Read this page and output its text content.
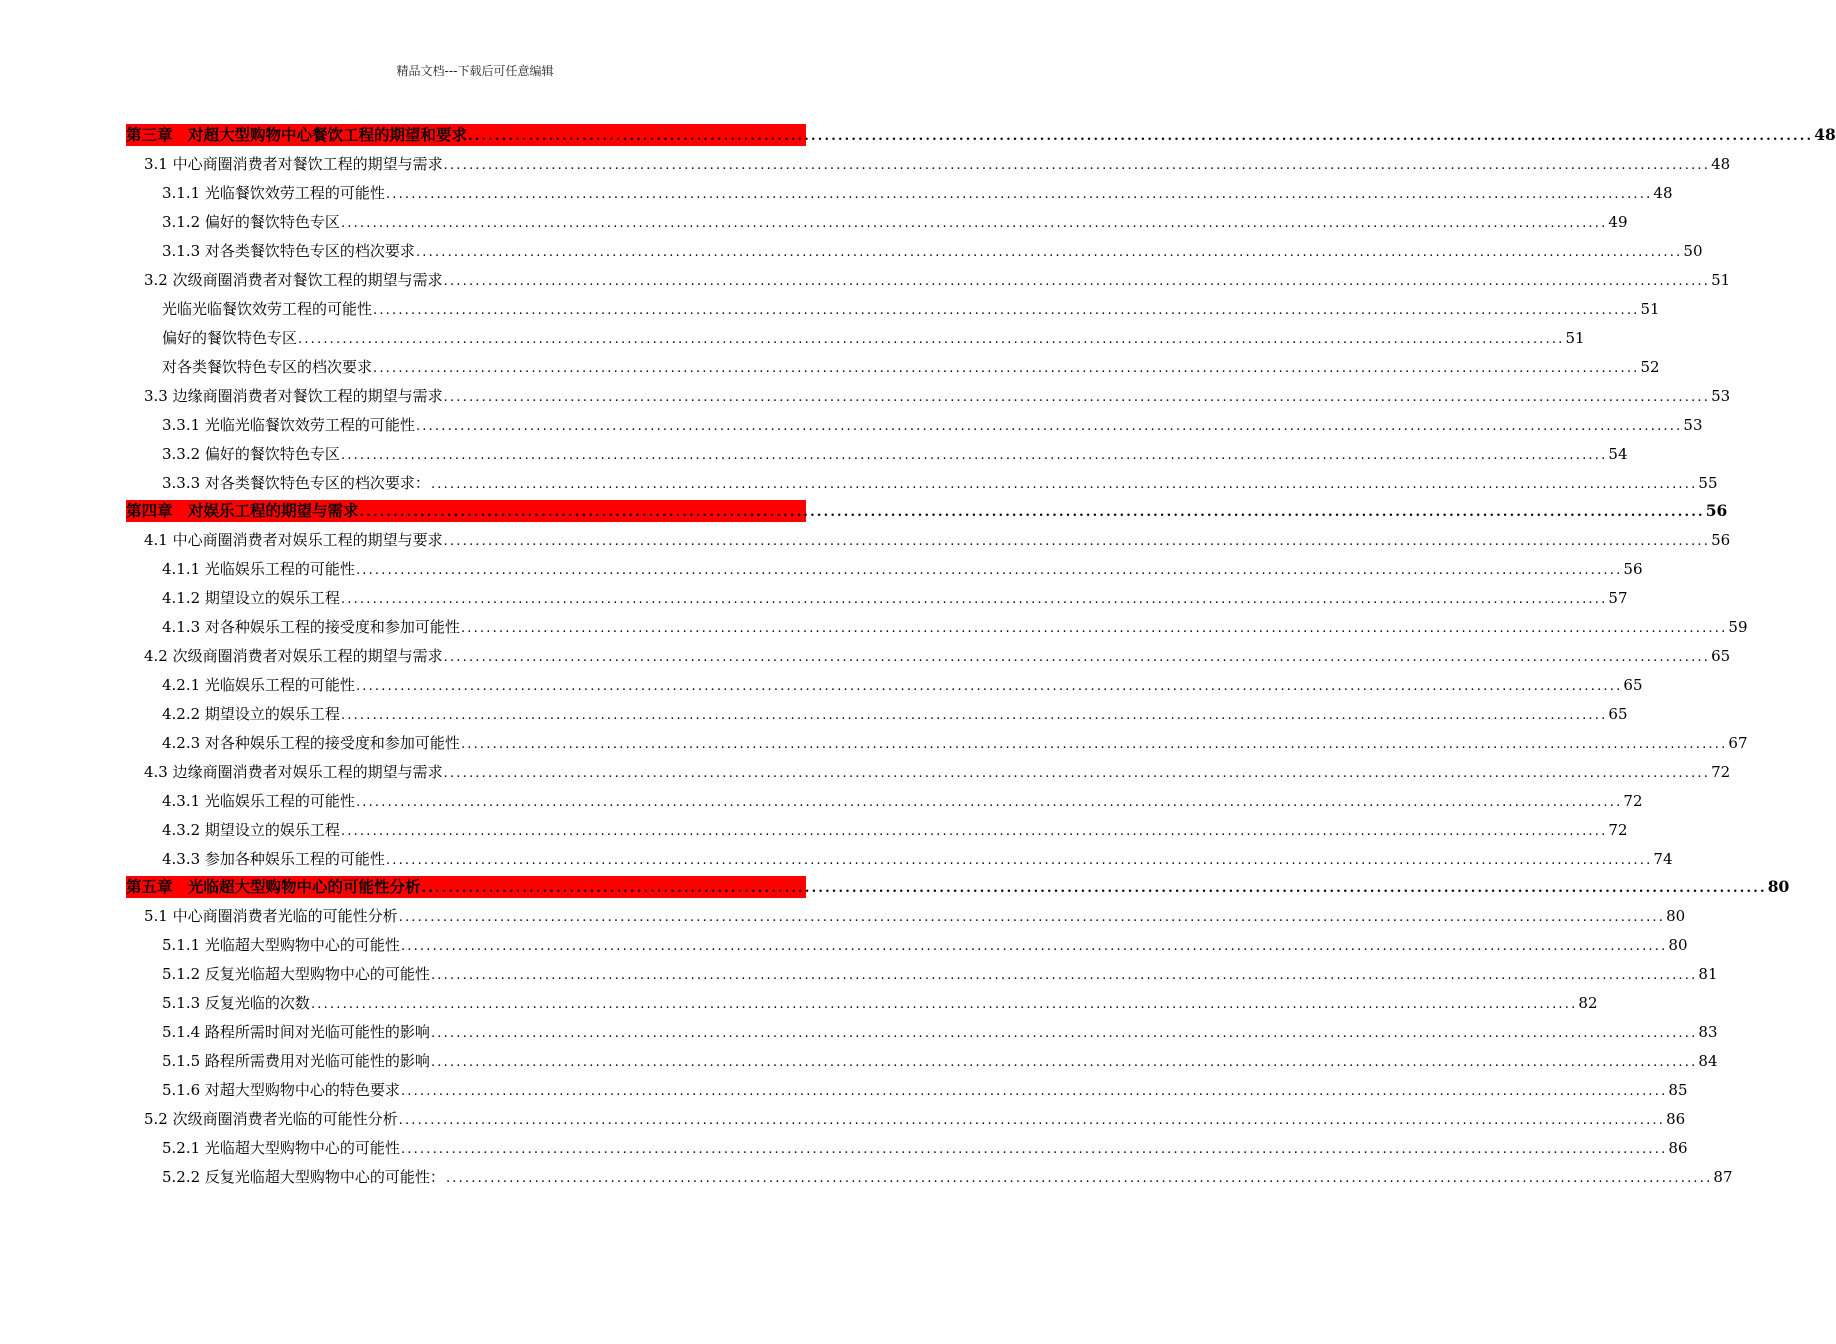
精品文档---下载后可任意编辑
第三章　对超大型购物中心餐饮工程的期望和要求 ........................................................................................................................................................................................................ 48
3.1 中心商圈消费者对餐饮工程的期望与需求 ........................................................................................................................................................................................................ 48
3.1.1 光临餐饮效劳工程的可能性 ........................................................................................................................................................................................................ 48
3.1.2 偏好的餐饮特色专区 ........................................................................................................................................................................................................ 49
3.1.3 对各类餐饮特色专区的档次要求 ........................................................................................................................................................................................................ 50
3.2 次级商圈消费者对餐饮工程的期望与需求 ........................................................................................................................................................................................................ 51
光临光临餐饮效劳工程的可能性 ........................................................................................................................................................................................................ 51
偏好的餐饮特色专区 ........................................................................................................................................................................................................ 51
对各类餐饮特色专区的档次要求 ........................................................................................................................................................................................................ 52
3.3 边缘商圈消费者对餐饮工程的期望与需求 ........................................................................................................................................................................................................ 53
3.3.1 光临光临餐饮效劳工程的可能性 ........................................................................................................................................................................................................ 53
3.3.2 偏好的餐饮特色专区 ........................................................................................................................................................................................................ 54
3.3.3 对各类餐饮特色专区的档次要求： ........................................................................................................................................................................................................ 55
第四章　对娱乐工程的期望与需求 ........................................................................................................................................................................................................ 56
4.1 中心商圈消费者对娱乐工程的期望与要求 ........................................................................................................................................................................................................ 56
4.1.1 光临娱乐工程的可能性 ........................................................................................................................................................................................................ 56
4.1.2 期望设立的娱乐工程 ........................................................................................................................................................................................................ 57
4.1.3 对各种娱乐工程的接受度和参加可能性 ........................................................................................................................................................................................................ 59
4.2 次级商圈消费者对娱乐工程的期望与需求 ........................................................................................................................................................................................................ 65
4.2.1 光临娱乐工程的可能性 ........................................................................................................................................................................................................ 65
4.2.2 期望设立的娱乐工程 ........................................................................................................................................................................................................ 65
4.2.3 对各种娱乐工程的接受度和参加可能性 ........................................................................................................................................................................................................ 67
4.3 边缘商圈消费者对娱乐工程的期望与需求 ........................................................................................................................................................................................................ 72
4.3.1 光临娱乐工程的可能性 ........................................................................................................................................................................................................ 72
4.3.2 期望设立的娱乐工程 ........................................................................................................................................................................................................ 72
4.3.3 参加各种娱乐工程的可能性 ........................................................................................................................................................................................................ 74
第五章　光临超大型购物中心的可能性分析 ........................................................................................................................................................................................................ 80
5.1 中心商圈消费者光临的可能性分析 ........................................................................................................................................................................................................ 80
5.1.1 光临超大型购物中心的可能性 ........................................................................................................................................................................................................ 80
5.1.2 反复光临超大型购物中心的可能性 ........................................................................................................................................................................................................ 81
5.1.3 反复光临的次数 ........................................................................................................................................................................................................ 82
5.1.4 路程所需时间对光临可能性的影响 ........................................................................................................................................................................................................ 83
5.1.5 路程所需费用对光临可能性的影响 ........................................................................................................................................................................................................ 84
5.1.6 对超大型购物中心的特色要求 ........................................................................................................................................................................................................ 85
5.2 次级商圈消费者光临的可能性分析 ........................................................................................................................................................................................................ 86
5.2.1 光临超大型购物中心的可能性 ........................................................................................................................................................................................................ 86
5.2.2 反复光临超大型购物中心的可能性： ........................................................................................................................................................................................................ 87
